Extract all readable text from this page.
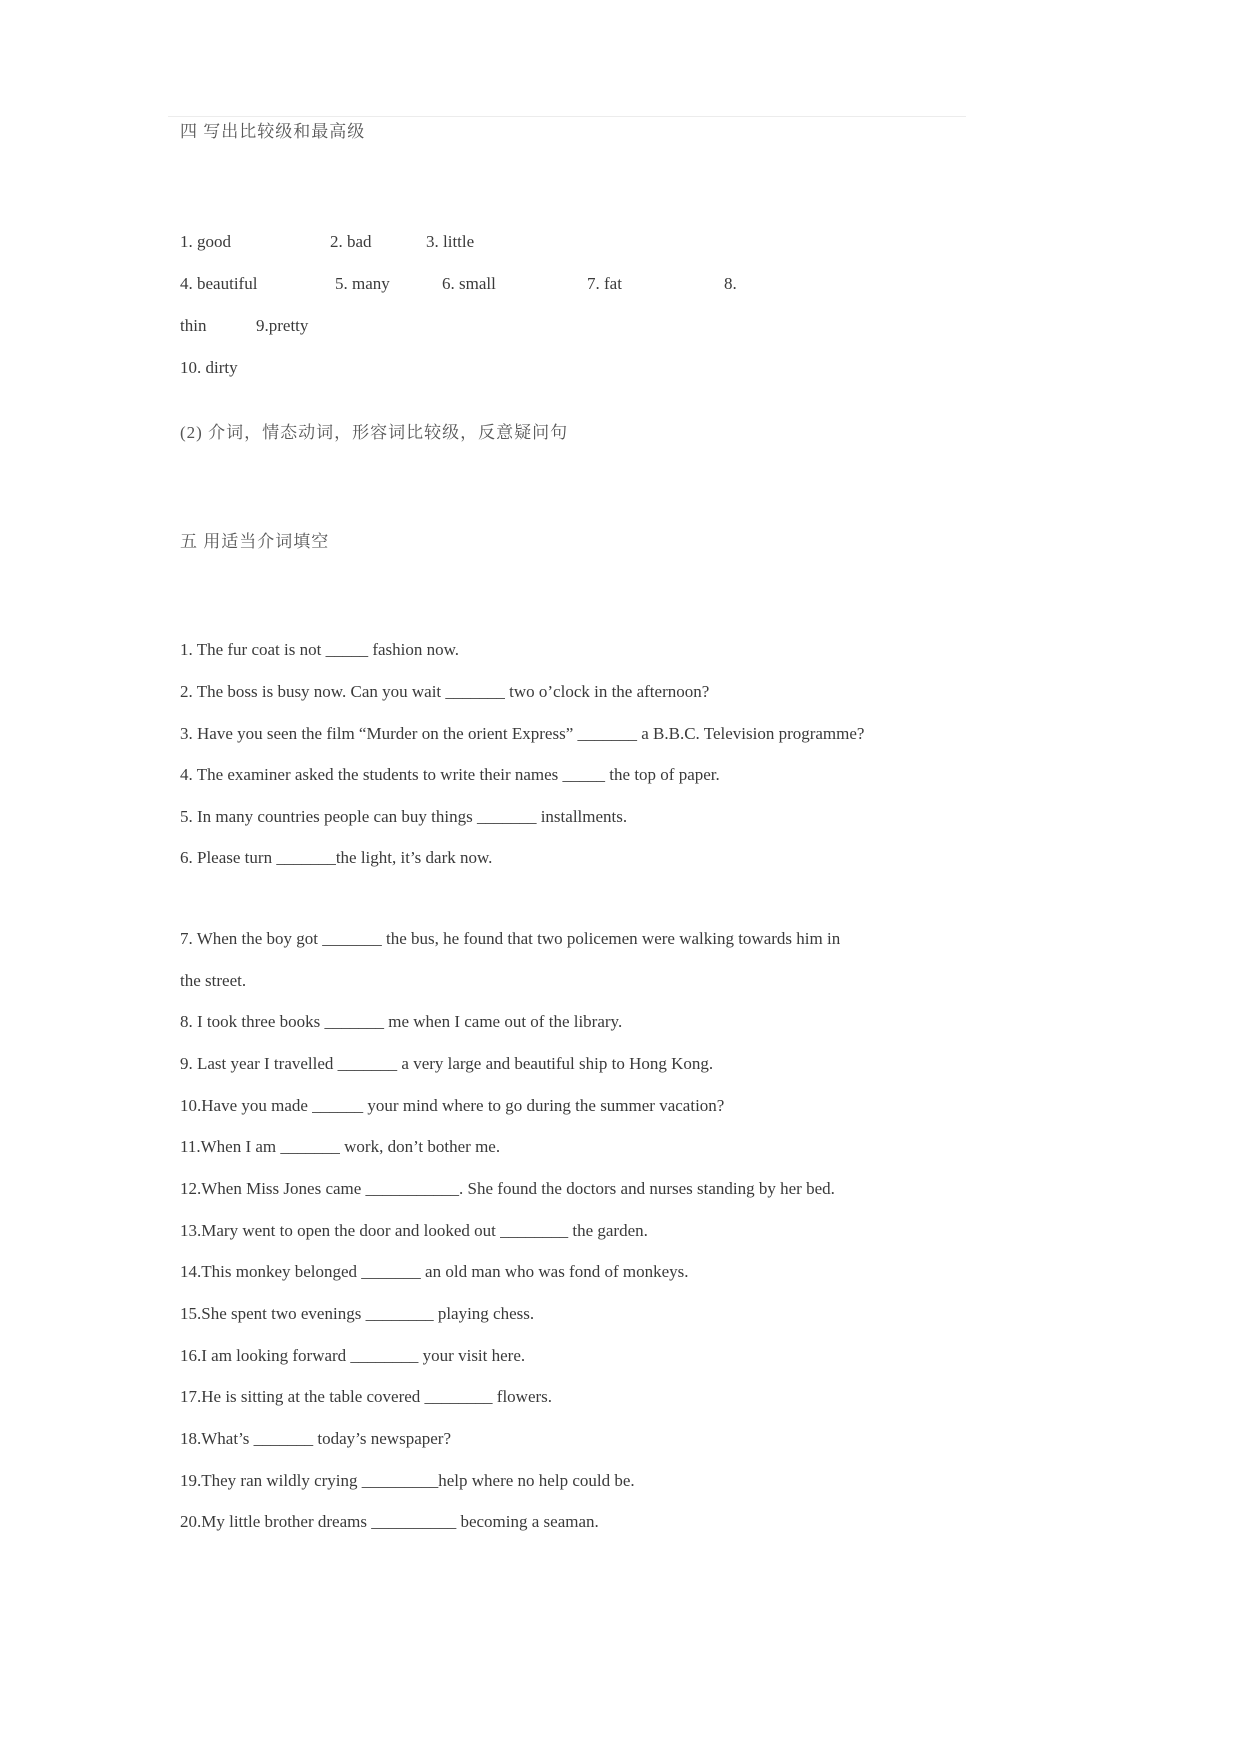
四 写出比较级和最高级
1. good	2. bad	3. little
4. beautiful	5. many	6. small	7. fat	8.
thin	9.pretty
10. dirty
(2) 介词，情态动词，形容词比较级，反意疑问句
五 用适当介词填空
1. The fur coat is not _____ fashion now.
2. The boss is busy now. Can you wait _______ two o’clock in the afternoon?
3. Have you seen the film “Murder on the orient Express” _______ a B.B.C. Television programme?
4. The examiner asked the students to write their names _____ the top of paper.
5. In many countries people can buy things _______ installments.
6. Please turn _______the light, it’s dark now.
7. When the boy got _______ the bus, he found that two policemen were walking towards him in
the street.
8. I took three books _______ me when I came out of the library.
9. Last year I travelled _______ a very large and beautiful ship to Hong Kong.
10.Have you made ______ your mind where to go during the summer vacation?
11.When I am _______ work, don’t bother me.
12.When Miss Jones came ___________. She found the doctors and nurses standing by her bed.
13.Mary went to open the door and looked out ________ the garden.
14.This monkey belonged _______ an old man who was fond of monkeys.
15.She spent two evenings ________ playing chess.
16.I am looking forward ________ your visit here.
17.He is sitting at the table covered ________ flowers.
18.What’s _______ today’s newspaper?
19.They ran wildly crying _________help where no help could be.
20.My little brother dreams __________ becoming a seaman.
